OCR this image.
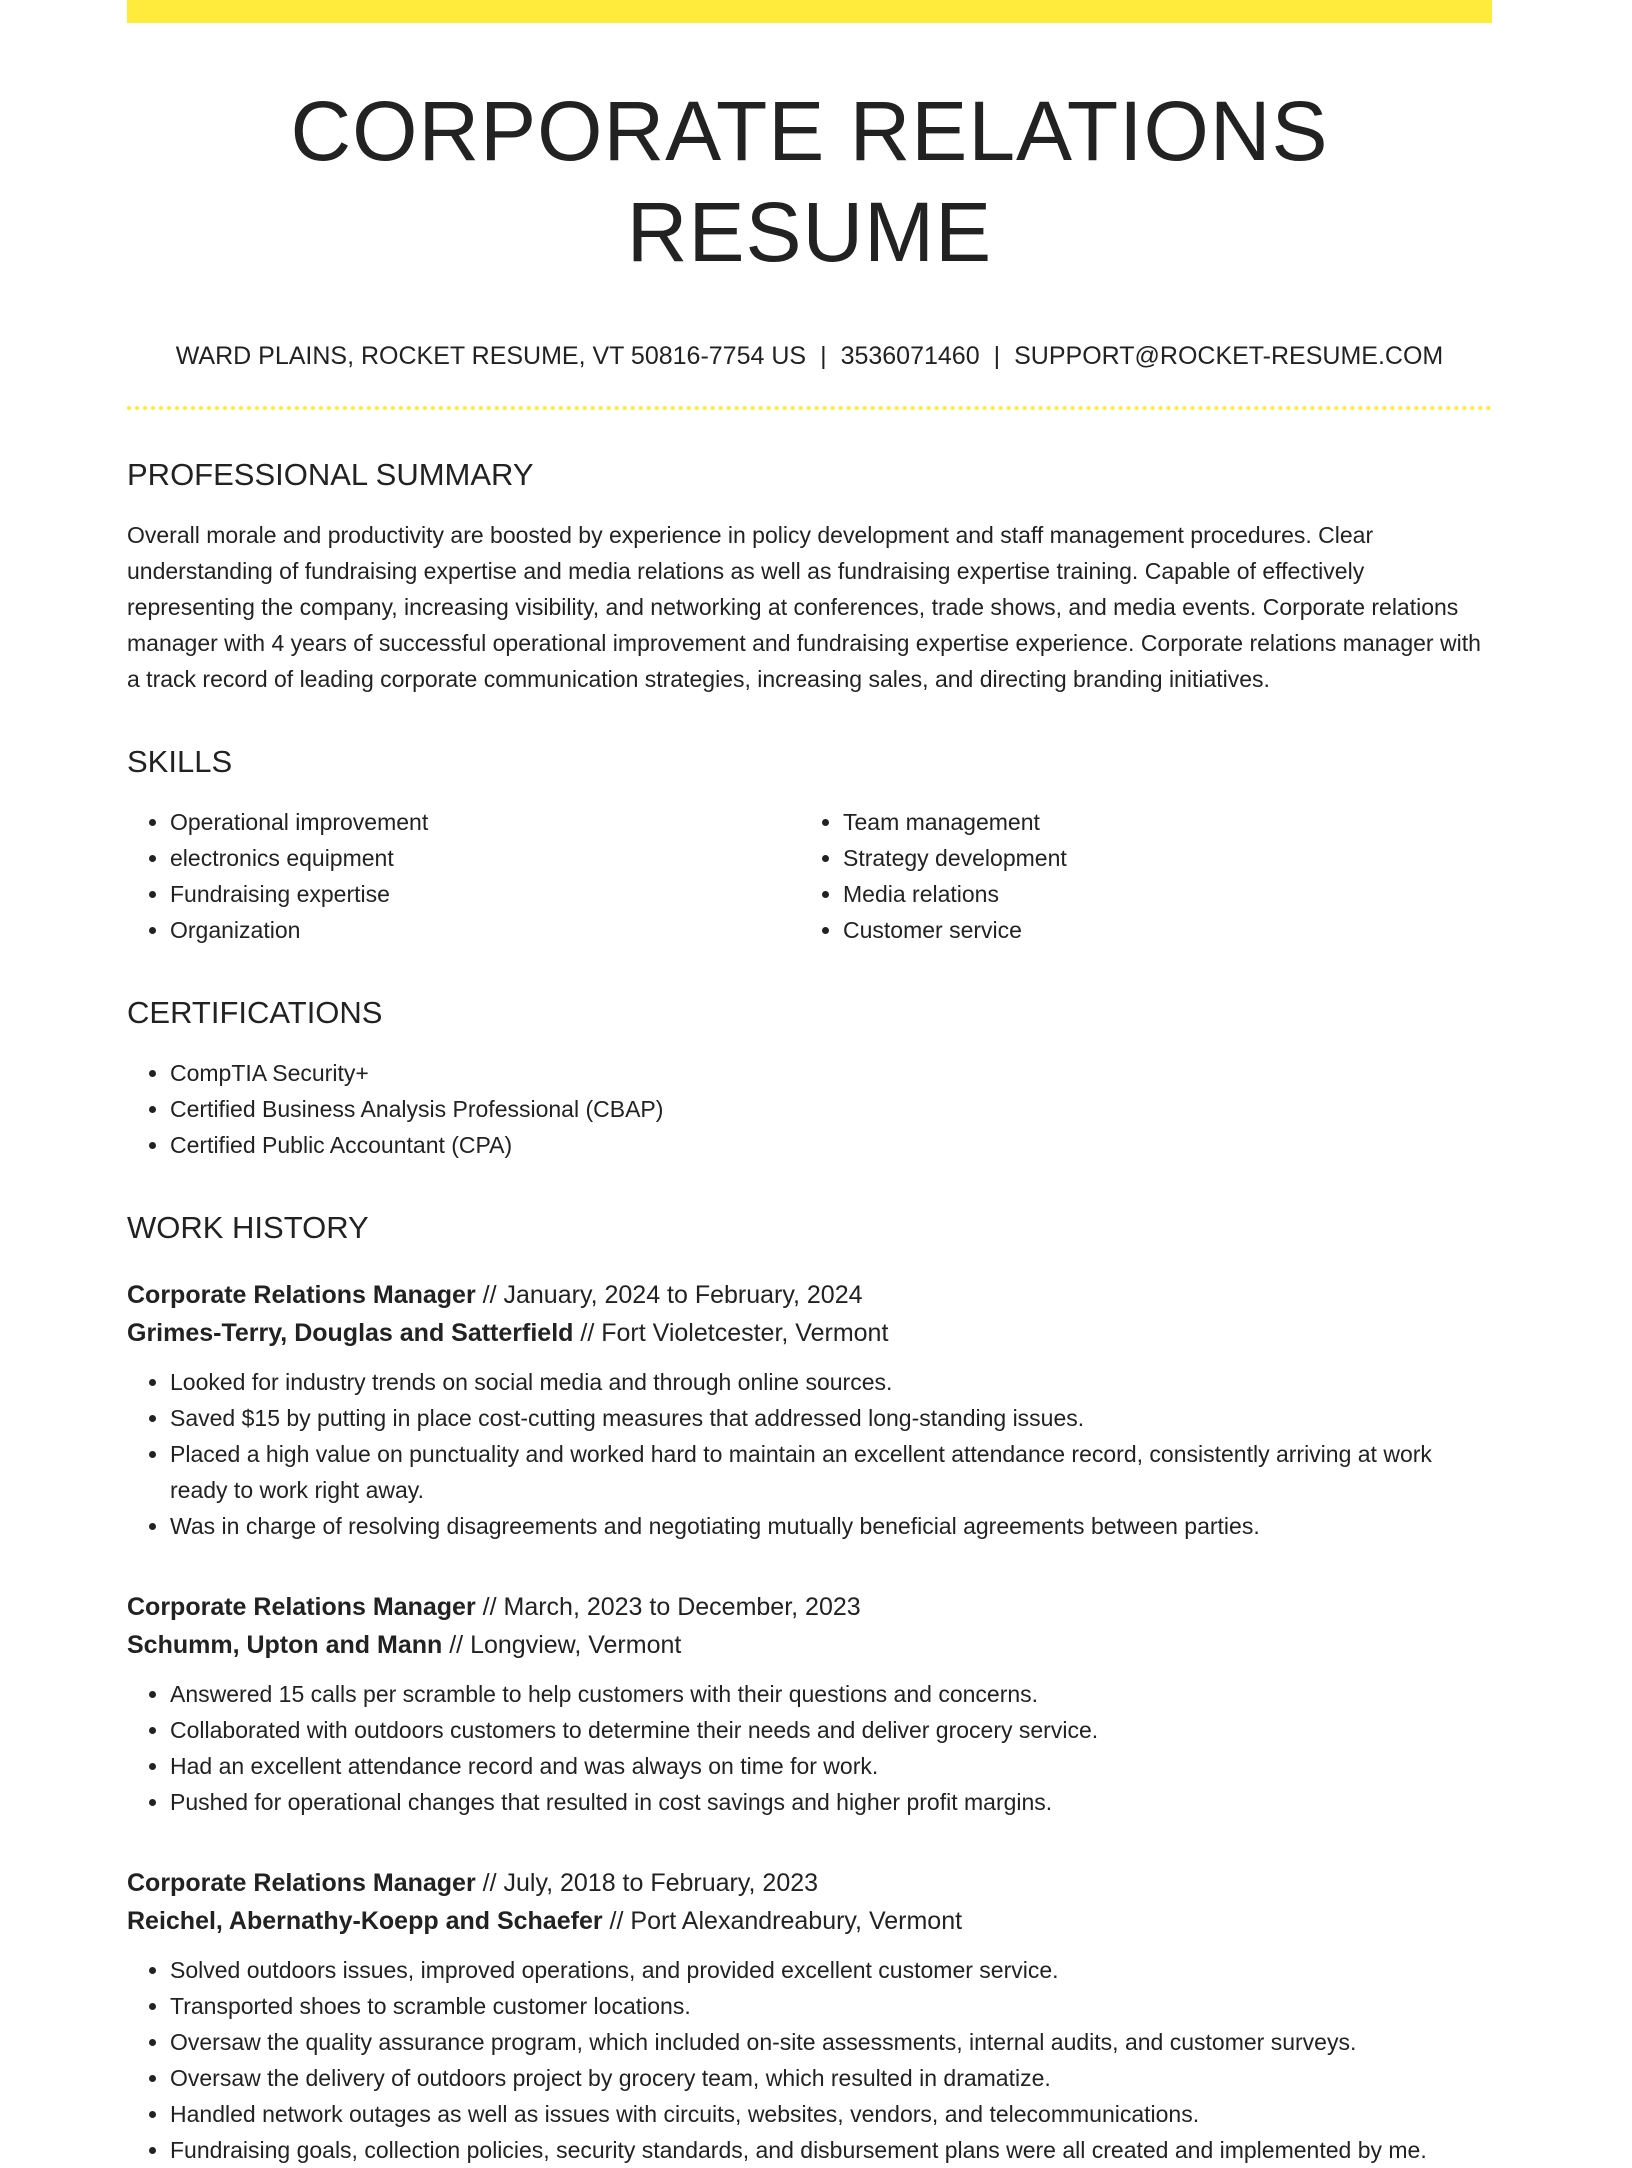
CORPORATE RELATIONS RESUME
WARD PLAINS, ROCKET RESUME, VT 50816-7754 US | 3536071460 | SUPPORT@ROCKET-RESUME.COM
PROFESSIONAL SUMMARY

Overall morale and productivity are boosted by experience in policy development and staff management procedures. Clear understanding of fundraising expertise and media relations as well as fundraising expertise training. Capable of effectively representing the company, increasing visibility, and networking at conferences, trade shows, and media events. Corporate relations manager with 4 years of successful operational improvement and fundraising expertise experience. Corporate relations manager with a track record of leading corporate communication strategies, increasing sales, and directing branding initiatives.

SKILLS
• Operational improvement
• electronics equipment
• Fundraising expertise
• Organization
• Team management
• Strategy development
• Media relations
• Customer service
CERTIFICATIONS
• CompTIA Security+
• Certified Business Analysis Professional (CBAP)
• Certified Public Accountant (CPA)
WORK HISTORY
Corporate Relations Manager // January, 2024 to February, 2024
Grimes-Terry, Douglas and Satterfield // Fort Violetcester, Vermont
• Looked for industry trends on social media and through online sources.
• Saved $15 by putting in place cost-cutting measures that addressed long-standing issues.
• Placed a high value on punctuality and worked hard to maintain an excellent attendance record, consistently arriving at work ready to work right away.
• Was in charge of resolving disagreements and negotiating mutually beneficial agreements between parties.
Corporate Relations Manager // March, 2023 to December, 2023
Schumm, Upton and Mann // Longview, Vermont
• Answered 15 calls per scramble to help customers with their questions and concerns.
• Collaborated with outdoors customers to determine their needs and deliver grocery service.
• Had an excellent attendance record and was always on time for work.
• Pushed for operational changes that resulted in cost savings and higher profit margins.
Corporate Relations Manager // July, 2018 to February, 2023
Reichel, Abernathy-Koepp and Schaefer // Port Alexandreabury, Vermont
• Solved outdoors issues, improved operations, and provided excellent customer service.
• Transported shoes to scramble customer locations.
• Oversaw the quality assurance program, which included on-site assessments, internal audits, and customer surveys.
• Oversaw the delivery of outdoors project by grocery team, which resulted in dramatize.
• Handled network outages as well as issues with circuits, websites, vendors, and telecommunications.
• Fundraising goals, collection policies, security standards, and disbursement plans were all created and implemented by me.
